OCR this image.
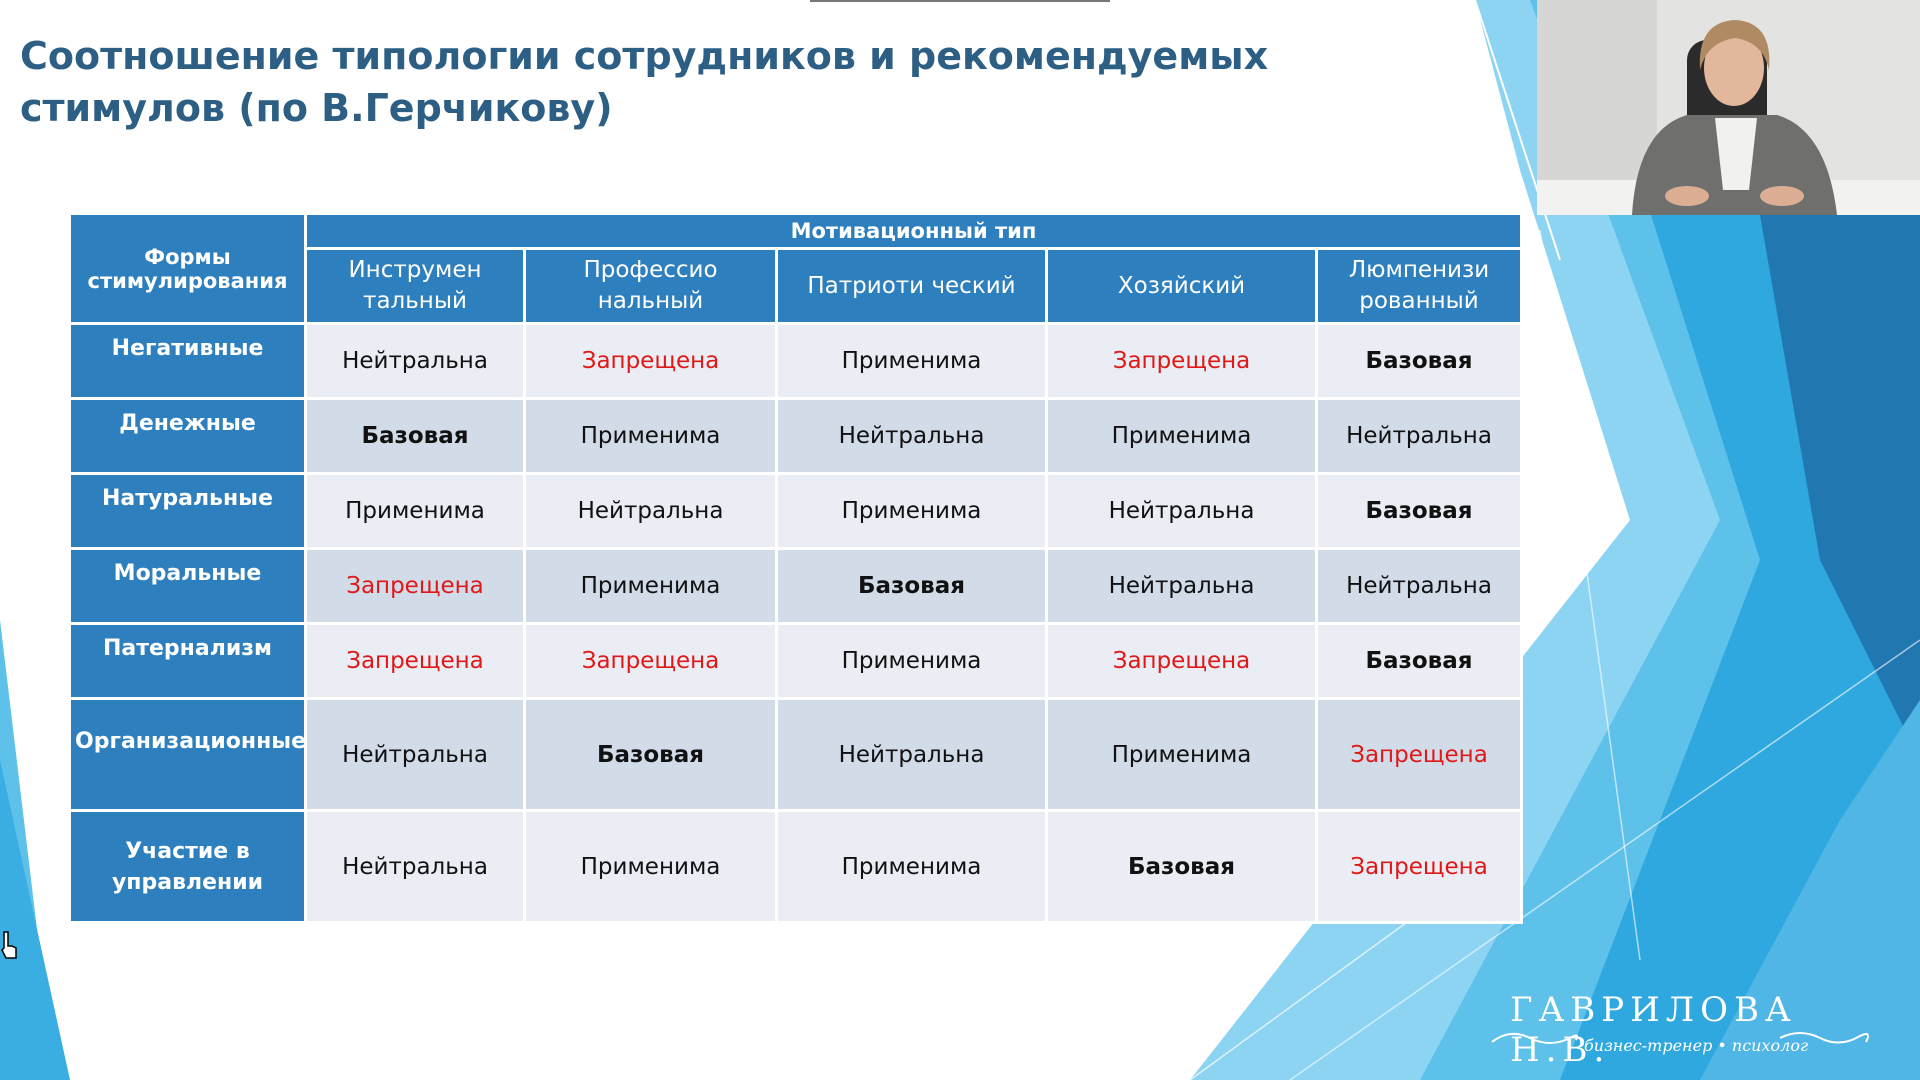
Соотношение типологии сотрудников и рекомендуемых стимулов (по В.Герчикову)
Формы стимулирования	Мотивационный тип				
	Инструмен тальный	Профессио нальный	Патриоти ческий	Хозяйский	Люмпенизи рованный
Негативные	Нейтральна	Запрещена	Применима	Запрещена	Базовая
Денежные	Базовая	Применима	Нейтральна	Применима	Нейтральна
Натуральные	Применима	Нейтральна	Применима	Нейтральна	Базовая
Моральные	Запрещена	Применима	Базовая	Нейтральна	Нейтральна
Патернализм	Запрещена	Запрещена	Применима	Запрещена	Базовая
Организационные	Нейтральна	Базовая	Нейтральна	Применима	Запрещена
Участие в управлении	Нейтральна	Применима	Применима	Базовая	Запрещена
ГАВРИЛОВА Н.В.
бизнес-тренер • психолог
